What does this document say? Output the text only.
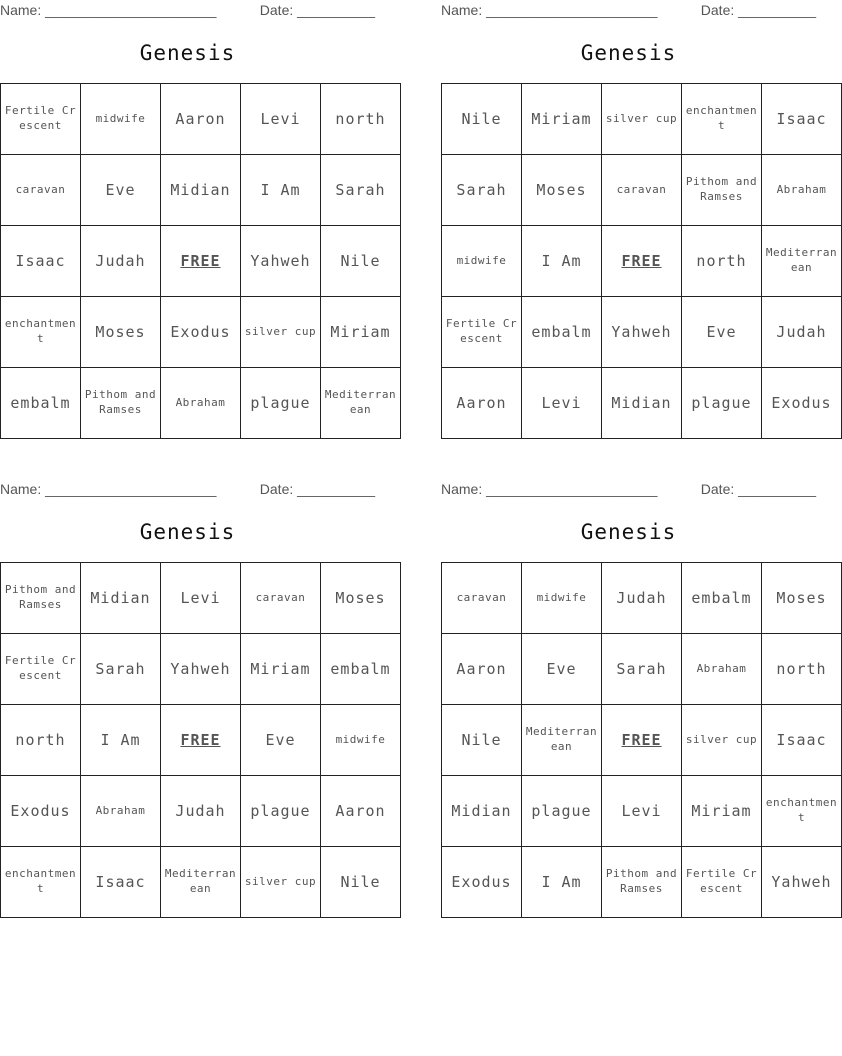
Name: ______________________	Date: __________
Genesis
Fertile Crescent	midwife	Aaron	Levi	north
caravan	Eve	Midian	I Am	Sarah
Isaac	Judah	FREE	Yahweh	Nile
enchantment	Moses	Exodus	silver cup	Miriam
embalm	Pithom and Ramses	Abraham	plague	Mediterranean
Name: ______________________	Date: __________
Genesis
Nile	Miriam	silver cup	enchantment	Isaac
Sarah	Moses	caravan	Pithom and Ramses	Abraham
midwife	I Am	FREE	north	Mediterranean
Fertile Crescent	embalm	Yahweh	Eve	Judah
Aaron	Levi	Midian	plague	Exodus
Name: ______________________	Date: __________
Genesis
Pithom and Ramses	Midian	Levi	caravan	Moses
Fertile Crescent	Sarah	Yahweh	Miriam	embalm
north	I Am	FREE	Eve	midwife
Exodus	Abraham	Judah	plague	Aaron
enchantment	Isaac	Mediterranean	silver cup	Nile
Name: ______________________	Date: __________
Genesis
caravan	midwife	Judah	embalm	Moses
Aaron	Eve	Sarah	Abraham	north
Nile	Mediterranean	FREE	silver cup	Isaac
Midian	plague	Levi	Miriam	enchantment
Exodus	I Am	Pithom and Ramses	Fertile Crescent	Yahweh
